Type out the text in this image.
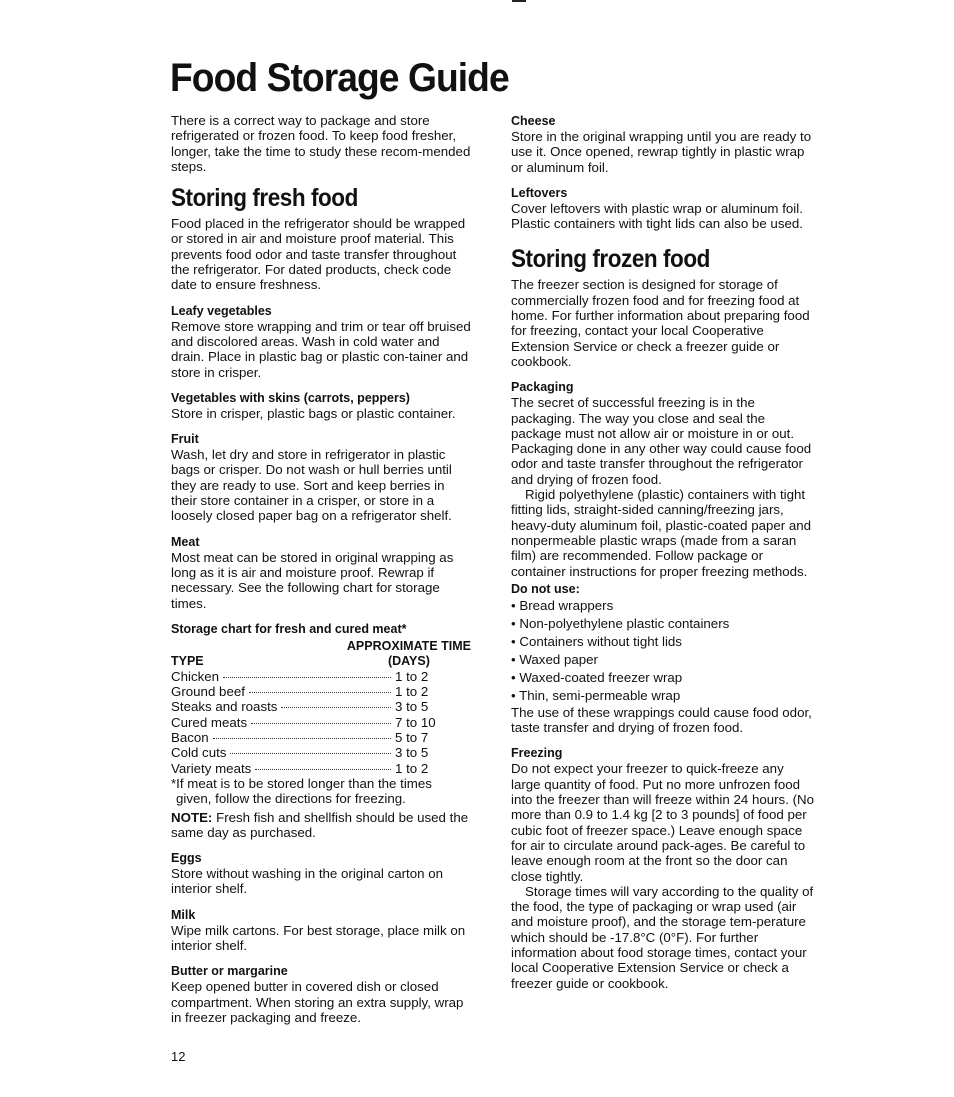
Food Storage Guide

There is a correct way to package and store refrigerated or frozen food. To keep food fresher, longer, take the time to study these recom-mended steps.

Storing fresh food

Food placed in the refrigerator should be wrapped or stored in air and moisture proof material. This prevents food odor and taste transfer throughout the refrigerator. For dated products, check code date to ensure freshness.

Leafy vegetables

Remove store wrapping and trim or tear off bruised and discolored areas. Wash in cold water and drain. Place in plastic bag or plastic con-tainer and store in crisper.

Vegetables with skins (carrots, peppers)

Store in crisper, plastic bags or plastic container.

Fruit

Wash, let dry and store in refrigerator in plastic bags or crisper. Do not wash or hull berries until they are ready to use. Sort and keep berries in their store container in a crisper, or store in a loosely closed paper bag on a refrigerator shelf.

Meat

Most meat can be stored in original wrapping as long as it is air and moisture proof. Rewrap if necessary. See the following chart for storage times.

Storage chart for fresh and cured meat*
TYPE
APPROXIMATE TIME
(DAYS)
Chicken	1 to 2
Ground beef	1 to 2
Steaks and roasts	3 to 5
Cured meats	7 to 10
Bacon	5 to 7
Cold cuts	3 to 5
Variety meats	1 to 2

*If meat is to be stored longer than the times given, follow the directions for freezing.

NOTE: Fresh fish and shellfish should be used the same day as purchased.

Eggs

Store without washing in the original carton on interior shelf.

Milk

Wipe milk cartons. For best storage, place milk on interior shelf.

Butter or margarine

Keep opened butter in covered dish or closed compartment. When storing an extra supply, wrap in freezer packaging and freeze.

Cheese

Store in the original wrapping until you are ready to use it. Once opened, rewrap tightly in plastic wrap or aluminum foil.

Leftovers

Cover leftovers with plastic wrap or aluminum foil. Plastic containers with tight lids can also be used.

Storing frozen food

The freezer section is designed for storage of commercially frozen food and for freezing food at home. For further information about preparing food for freezing, contact your local Cooperative Extension Service or check a freezer guide or cookbook.

Packaging

The secret of successful freezing is in the packaging. The way you close and seal the package must not allow air or moisture in or out. Packaging done in any other way could cause food odor and taste transfer throughout the refrigerator and drying of frozen food.

Rigid polyethylene (plastic) containers with tight fitting lids, straight-sided canning/freezing jars, heavy-duty aluminum foil, plastic-coated paper and nonpermeable plastic wraps (made from a saran film) are recommended. Follow package or container instructions for proper freezing methods.

Do not use:
• Bread wrappers
• Non-polyethylene plastic containers
• Containers without tight lids
• Waxed paper
• Waxed-coated freezer wrap
• Thin, semi-permeable wrap

The use of these wrappings could cause food odor, taste transfer and drying of frozen food.

Freezing

Do not expect your freezer to quick-freeze any large quantity of food. Put no more unfrozen food into the freezer than will freeze within 24 hours. (No more than 0.9 to 1.4 kg [2 to 3 pounds] of food per cubic foot of freezer space.) Leave enough space for air to circulate around pack-ages. Be careful to leave enough room at the front so the door can close tightly.

Storage times will vary according to the quality of the food, the type of packaging or wrap used (air and moisture proof), and the storage tem-perature which should be -17.8°C (0°F). For further information about food storage times, contact your local Cooperative Extension Service or check a freezer guide or cookbook.

12
